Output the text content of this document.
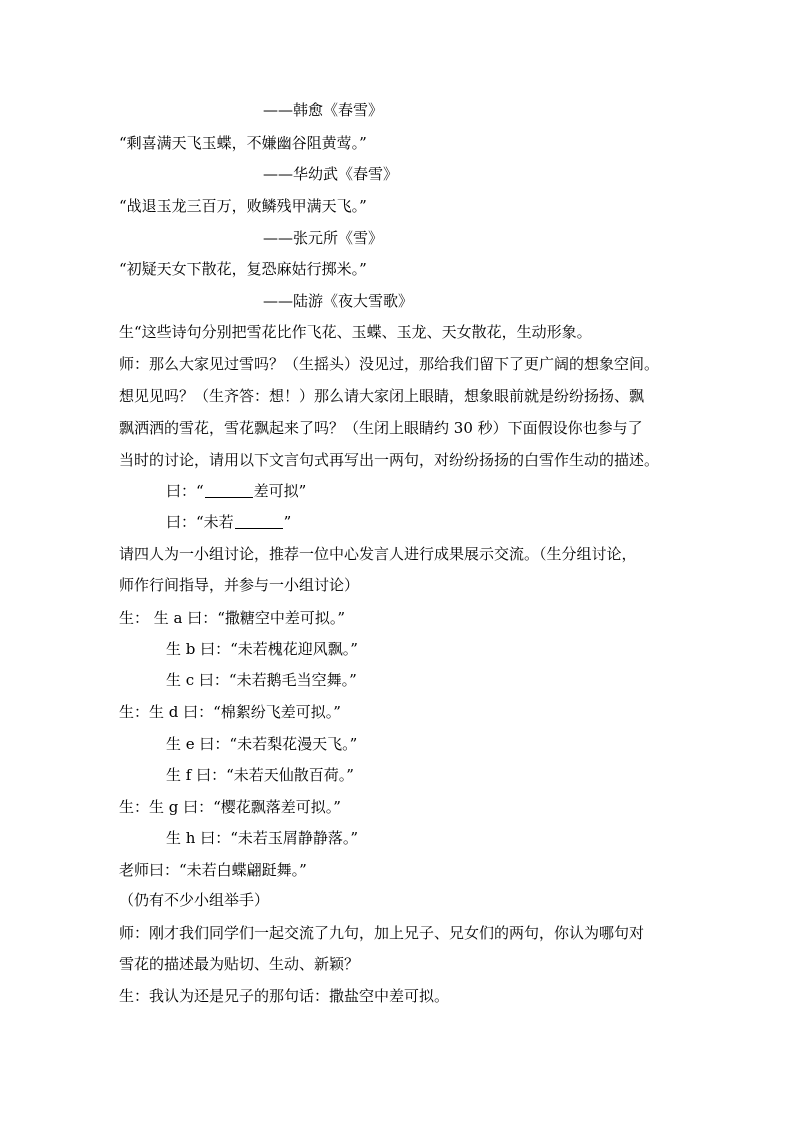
——韩愈《春雪》
“剩喜满天飞玉蝶，不嫌幽谷阻黄莺。”
——华幼武《春雪》
“战退玉龙三百万，败鳞残甲满天飞。”
——张元所《雪》
“初疑天女下散花，复恐麻姑行掷米。”
——陆游《夜大雪歌》
生“这些诗句分别把雪花比作飞花、玉蝶、玉龙、天女散花，生动形象。
师：那么大家见过雪吗？（生摇头）没见过，那给我们留下了更广阔的想象空间。
想见见吗？（生齐答：想！）那么请大家闭上眼睛，想象眼前就是纷纷扬扬、飘
飘洒洒的雪花，雪花飘起来了吗？（生闭上眼睛约 30 秒）下面假设你也参与了
当时的讨论，请用以下文言句式再写出一两句，对纷纷扬扬的白雪作生动的描述。
曰：“	差可拟”
曰：“未若	”
请四人为一小组讨论，推荐一位中心发言人进行成果展示交流。（生分组讨论，
师作行间指导，并参与一小组讨论）
生： 生 a 曰：“撒糖空中差可拟。”
生 b 曰：“未若槐花迎风飘。”
生 c 曰：“未若鹅毛当空舞。”
生：生 d 曰：“棉絮纷飞差可拟。”
生 e 曰：“未若梨花漫天飞。”
生 f 曰：“未若天仙散百荷。”
生：生 g 曰：“樱花飘落差可拟。”
生 h 曰：“未若玉屑静静落。”
老师曰：“未若白蝶翩跹舞。”
（仍有不少小组举手）
师：刚才我们同学们一起交流了九句，加上兄子、兄女们的两句，你认为哪句对
雪花的描述最为贴切、生动、新颖？
生：我认为还是兄子的那句话：撒盐空中差可拟。
